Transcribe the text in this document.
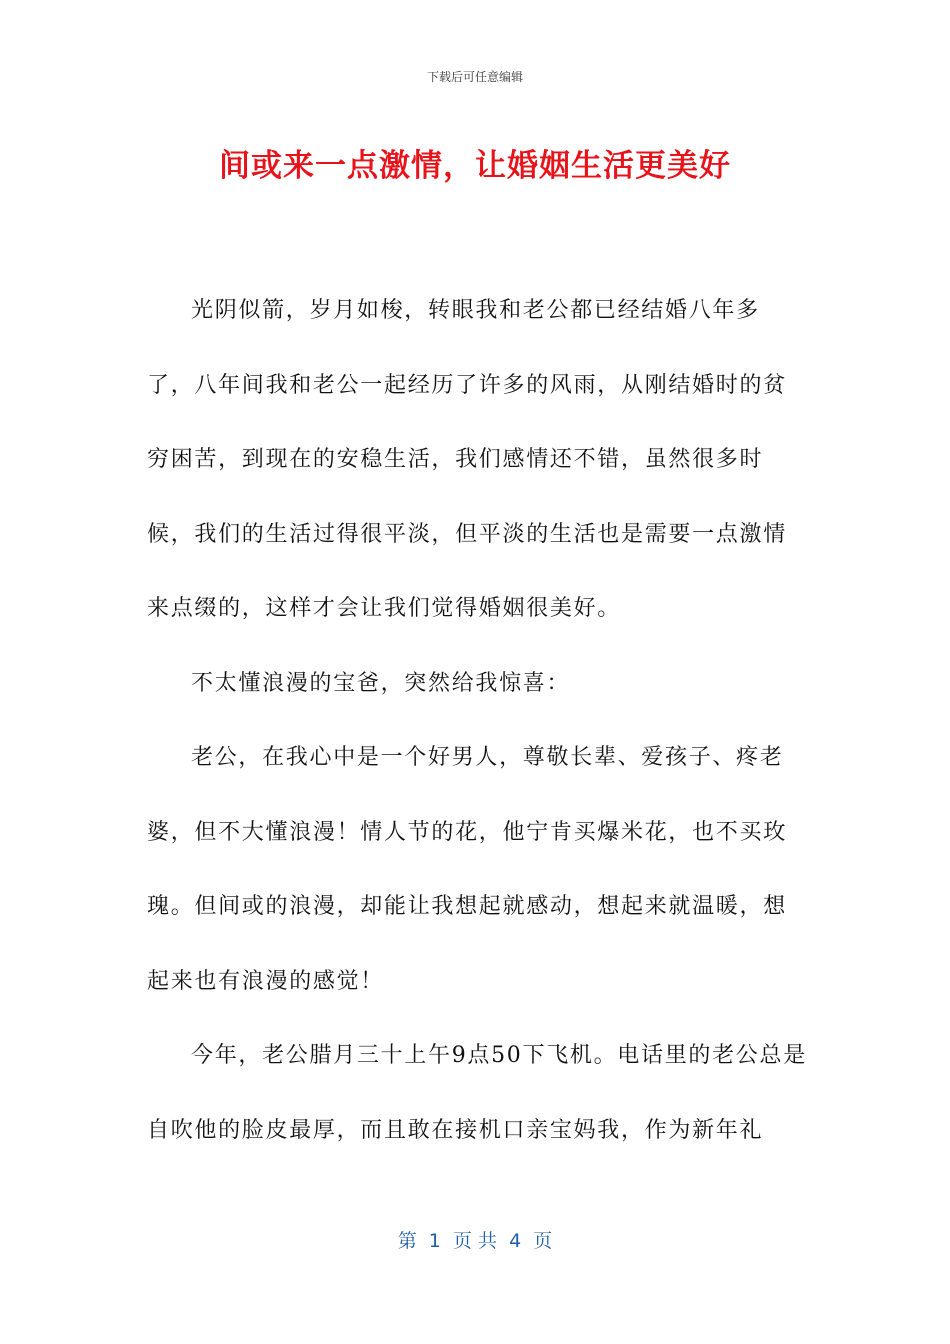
下载后可任意编辑
间或来一点激情，让婚姻生活更美好

光阴似箭，岁月如梭，转眼我和老公都已经结婚八年多了，八年间我和老公一起经历了许多的风雨，从刚结婚时的贫穷困苦，到现在的安稳生活，我们感情还不错，虽然很多时候，我们的生活过得很平淡，但平淡的生活也是需要一点激情来点缀的，这样才会让我们觉得婚姻很美好。

不太懂浪漫的宝爸，突然给我惊喜：

老公，在我心中是一个好男人，尊敬长辈、爱孩子、疼老婆，但不大懂浪漫！情人节的花，他宁肯买爆米花，也不买玫瑰。但间或的浪漫，却能让我想起就感动，想起来就温暖，想起来也有浪漫的感觉！

今年，老公腊月三十上午9点50下飞机。电话里的老公总是自吹他的脸皮最厚，而且敢在接机口亲宝妈我，作为新年礼

第  1  页 共  4  页
